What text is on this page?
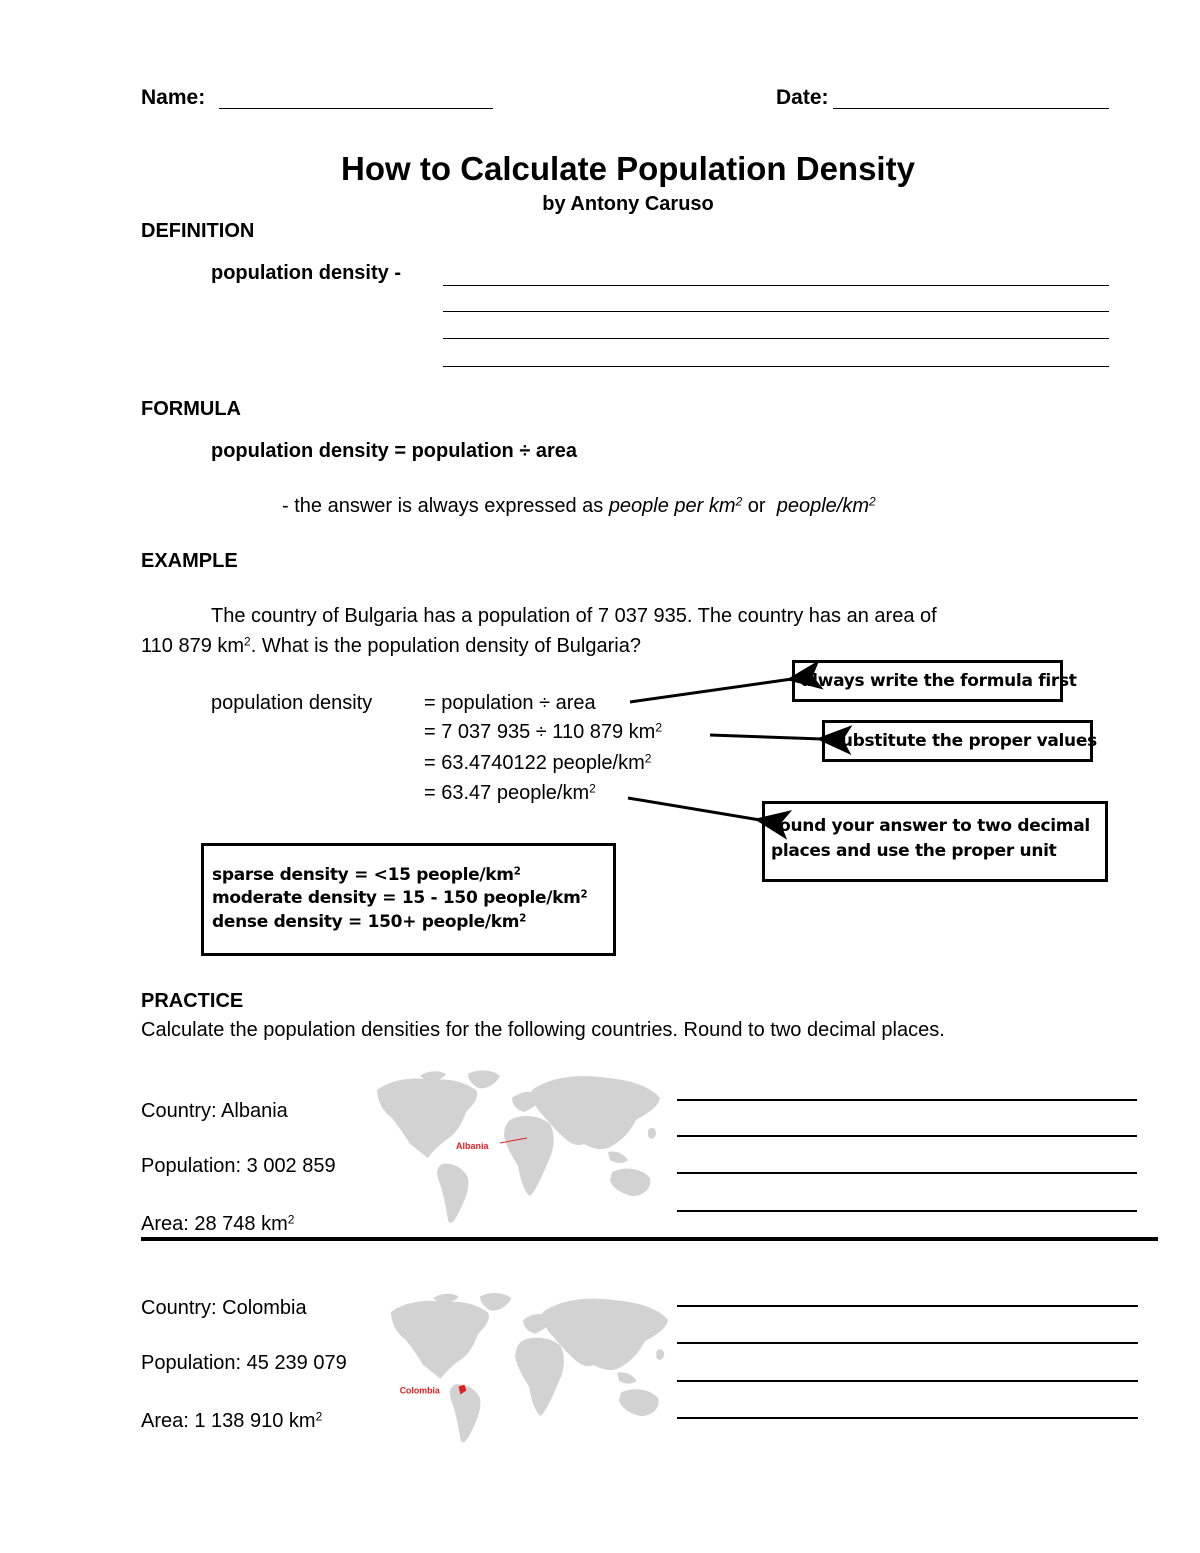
Name:	Date:
How to Calculate Population Density
by Antony Caruso
DEFINITION
population density -
FORMULA
population density = population ÷ area
- the answer is always expressed as people per $km^2$ or  people/$km^2$
EXAMPLE
The country of Bulgaria has a population of 7 037 935. The country has an area of
110 879 $km^2$. What is the population density of Bulgaria?
population density	= population ÷ area
= 7 037 935 ÷ 110 879 $km^2$
= 63.4740122 people/$km^2$
= 63.47 people/$km^2$
always write the formula first
substitute the proper values
round your answer to two decimal
places and use the proper unit
sparse density = <15 people/$km^2$
moderate density = 15 - 150 people/$km^2$
dense density = 150+ people/$km^2$
PRACTICE
Calculate the population densities for the following countries. Round to two decimal places.
Country: Albania
Population: 3 002 859
Area: 28 748 $km^2$
Albania
Country: Colombia
Population: 45 239 079
Area: 1 138 910 $km^2$
Colombia
